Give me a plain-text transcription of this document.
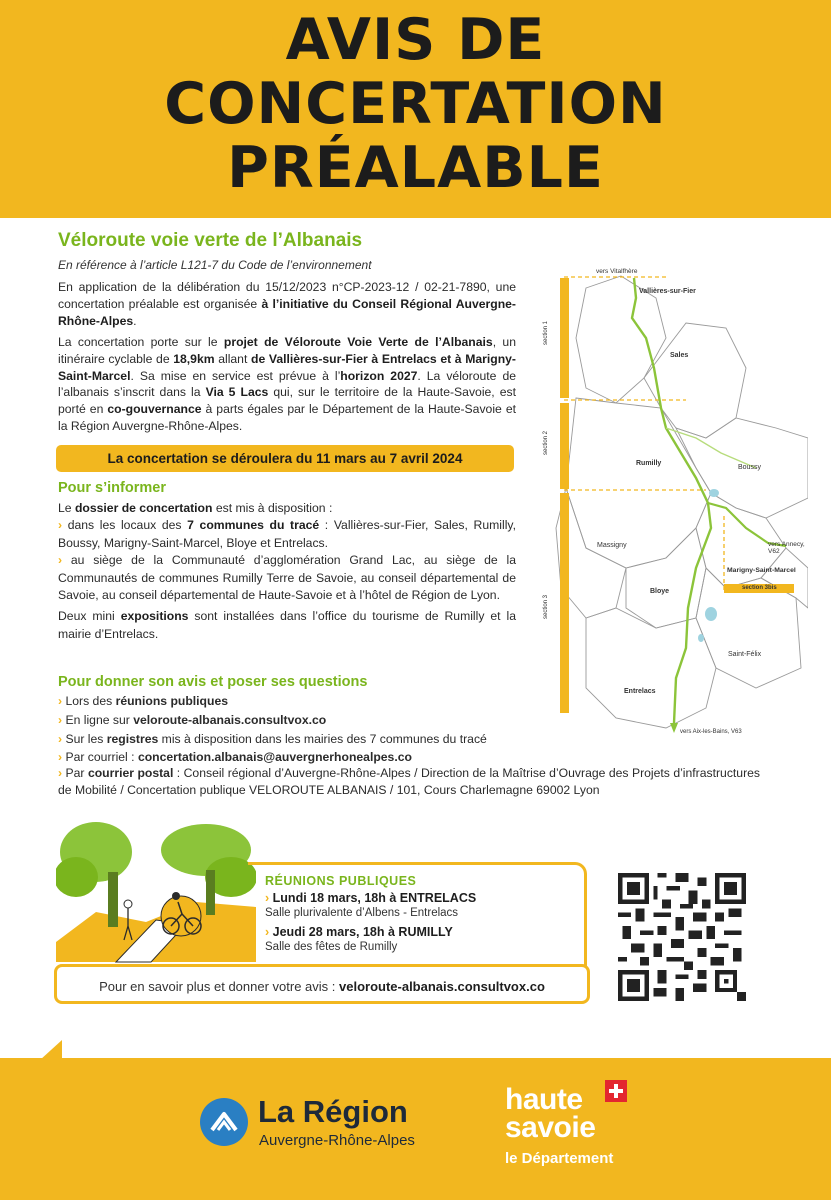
AVIS DE
CONCERTATION
PRÉALABLE
Véloroute voie verte de l’Albanais

En référence à l’article L121-7 du Code de l’environnement

En application de la délibération du 15/12/2023 n°CP-2023-12 / 02-21-7890, une concertation préalable est organisée à l’initiative du Conseil Régional Auvergne-Rhône-Alpes.

La concertation porte sur le projet de Véloroute Voie Verte de l’Albanais, un itinéraire cyclable de 18,9km allant de Vallières-sur-Fier à Entrelacs et à Marigny-Saint-Marcel. Sa mise en service est prévue à l’horizon 2027. La véloroute de l’albanais s’inscrit dans la Via 5 Lacs qui, sur le territoire de la Haute-Savoie, est porté en co-gouvernance à parts égales par le Département de la Haute-Savoie et la Région Auvergne-Rhône-Alpes.

La concertation se déroulera du 11 mars au 7 avril 2024
Pour s’informer
Le dossier de concertation est mis à disposition :
› dans les locaux des 7 communes du tracé : Vallières-sur-Fier, Sales, Rumilly, Boussy, Marigny-Saint-Marcel, Bloye et Entrelacs.
› au siège de la Communauté d’agglomération Grand Lac, au siège de la Communautés de communes Rumilly Terre de Savoie, au conseil départemental de Savoie, au conseil départemental de Haute-Savoie et à l’hôtel de Région de Lyon.
Deux mini expositions sont installées dans l’office du tourisme de Rumilly et la mairie d’Entrelacs.
Pour donner son avis et poser ses questions
› Lors des réunions publiques
› En ligne sur veloroute-albanais.consultvox.co
› Sur les registres mis à disposition dans les mairies des 7 communes du tracé
› Par courriel : concertation.albanais@auvergnerhonealpes.co

› Par courrier postal : Conseil régional d’Auvergne-Rhône-Alpes / Direction de la Maîtrise d’Ouvrage des Projets d’infrastructures de Mobilité / Concertation publique VELOROUTE ALBANAIS / 101, Cours Charlemagne 69002 Lyon

vers Vitalfhère
Vallières-sur-Fier
Sales
Rumilly
Boussy
Massigny	vers Annecy, V62
Marigny-Saint-Marcel
Bloye
Saint-Félix
Entrelacs
vers Aix-les-Bains, V63
section 3bis
section 1
section 2
section 3

RÉUNIONS PUBLIQUES

› Lundi 18 mars, 18h à ENTRELACS

Salle plurivalente d’Albens - Entrelacs

› Jeudi 28 mars, 18h à RUMILLY

Salle des fêtes de Rumilly

Pour en savoir plus et donner votre avis : veloroute-albanais.consultvox.co

La Région

Auvergne-Rhône-Alpes

haute
savoie

le Département
